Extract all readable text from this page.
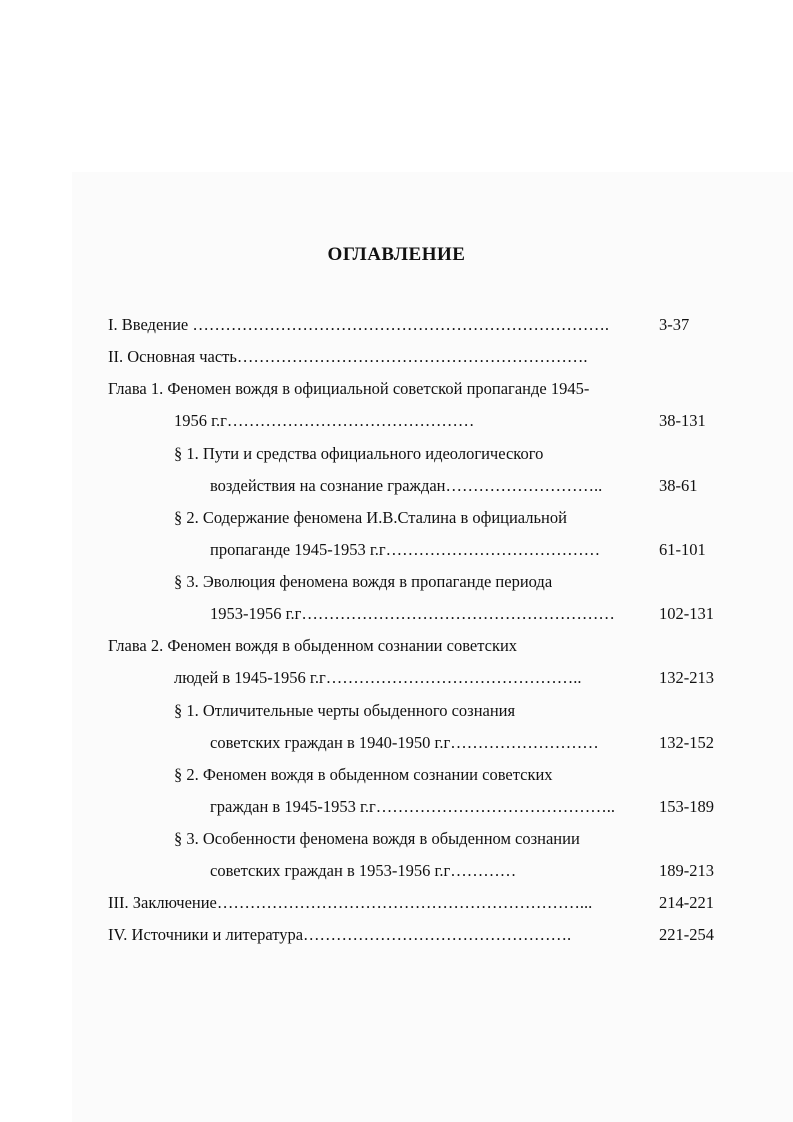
ОГЛАВЛЕНИЕ
I. Введение ………………………………………………………………….	3-37
II. Основная часть……………………………………………………….
Глава 1. Феномен вождя в официальной советской пропаганде 1945-
1956 г.г………………………………………	38-131
§ 1. Пути и средства официального идеологического
воздействия на сознание граждан………………………..	38-61
§ 2. Содержание феномена И.В.Сталина в официальной
пропаганде 1945-1953 г.г…………………………………	61-101
§ 3. Эволюция феномена вождя в пропаганде периода
1953-1956 г.г…………………………………………………	102-131
Глава 2. Феномен вождя в обыденном сознании советских
людей в 1945-1956 г.г………………………………………..	132-213
§ 1. Отличительные черты обыденного сознания
советских граждан в 1940-1950 г.г………………………	132-152
§ 2. Феномен вождя в обыденном сознании советских
граждан в 1945-1953 г.г……………………………………..	153-189
§ 3. Особенности феномена вождя в обыденном сознании
советских граждан в 1953-1956 г.г…………	189-213
III. Заключение…………………………………………………………...	214-221
IV. Источники и литература………………………………………….	221-254
